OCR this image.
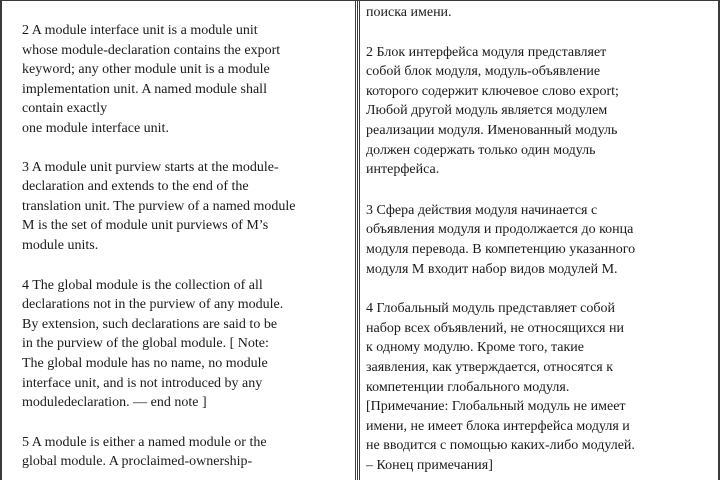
2 A module interface unit is a module unit
whose module-declaration contains the export
keyword; any other module unit is a module
implementation unit. A named module shall
contain exactly
one module interface unit.

3 A module unit purview starts at the module-
declaration and extends to the end of the
translation unit. The purview of a named module
M is the set of module unit purviews of M’s
module units.

4 The global module is the collection of all
declarations not in the purview of any module.
By extension, such declarations are said to be
in the purview of the global module. [ Note:
The global module has no name, no module
interface unit, and is not introduced by any
moduledeclaration. — end note ]

5 A module is either a named module or the
global module. A proclaimed-ownership-

поиска имени.

2 Блок интерфейса модуля представляет
собой блок модуля, модуль-объявление
которого содержит ключевое слово export;
Любой другой модуль является модулем
реализации модуля. Именованный модуль
должен содержать только один модуль
интерфейса.

3 Сфера действия модуля начинается с
объявления модуля и продолжается до конца
модуля перевода. В компетенцию указанного
модуля M входит набор видов модулей M.

4 Глобальный модуль представляет собой
набор всех объявлений, не относящихся ни
к одному модулю. Кроме того, такие
заявления, как утверждается, относятся к
компетенции глобального модуля.
[Примечание: Глобальный модуль не имеет
имени, не имеет блока интерфейса модуля и
не вводится с помощью каких-либо модулей.
– Конец примечания]
